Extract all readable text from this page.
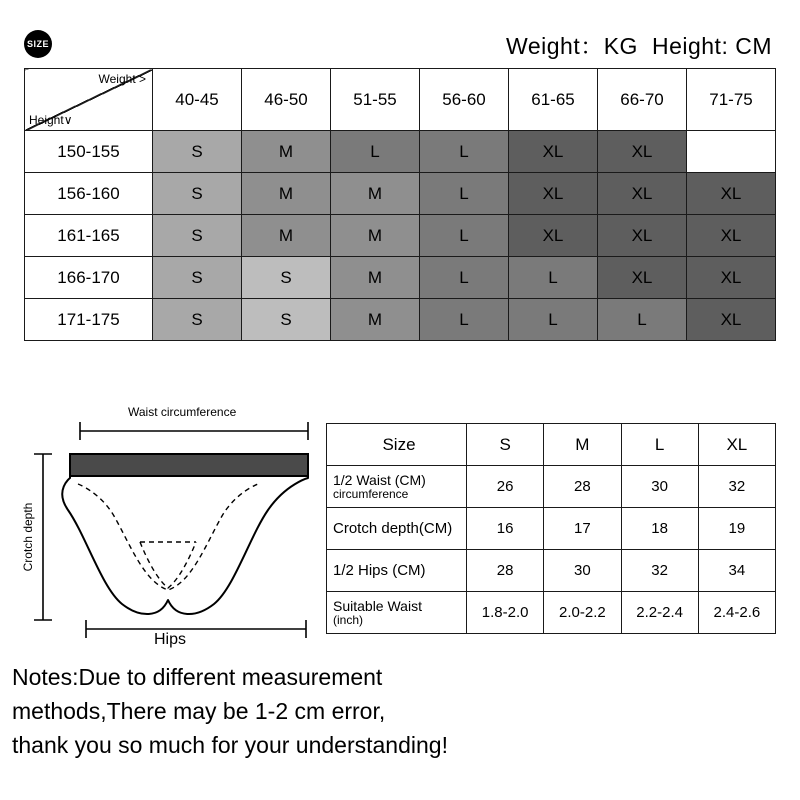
SIZE	Weight：KG Height: CM
Weight >
Height∨	40-45	46-50	51-55	56-60	61-65	66-70	71-75
150-155	S	M	L	L	XL	XL	
156-160	S	M	M	L	XL	XL	XL
161-165	S	M	M	L	XL	XL	XL
166-170	S	S	M	L	L	XL	XL
171-175	S	S	M	L	L	L	XL
Waist circumference
Hips
Crotch depth
Size	S	M	L	XL

1/2 Waist (CM)
circumference	26	28	30	32
Crotch depth(CM)	16	17	18	19
1/2 Hips (CM)	28	30	32	34

Suitable Waist
(inch)	1.8-2.0	2.0-2.2	2.2-2.4	2.4-2.6
Notes:Due to different measurement
methods,There may be 1-2 cm error,
thank you so much for your understanding!
